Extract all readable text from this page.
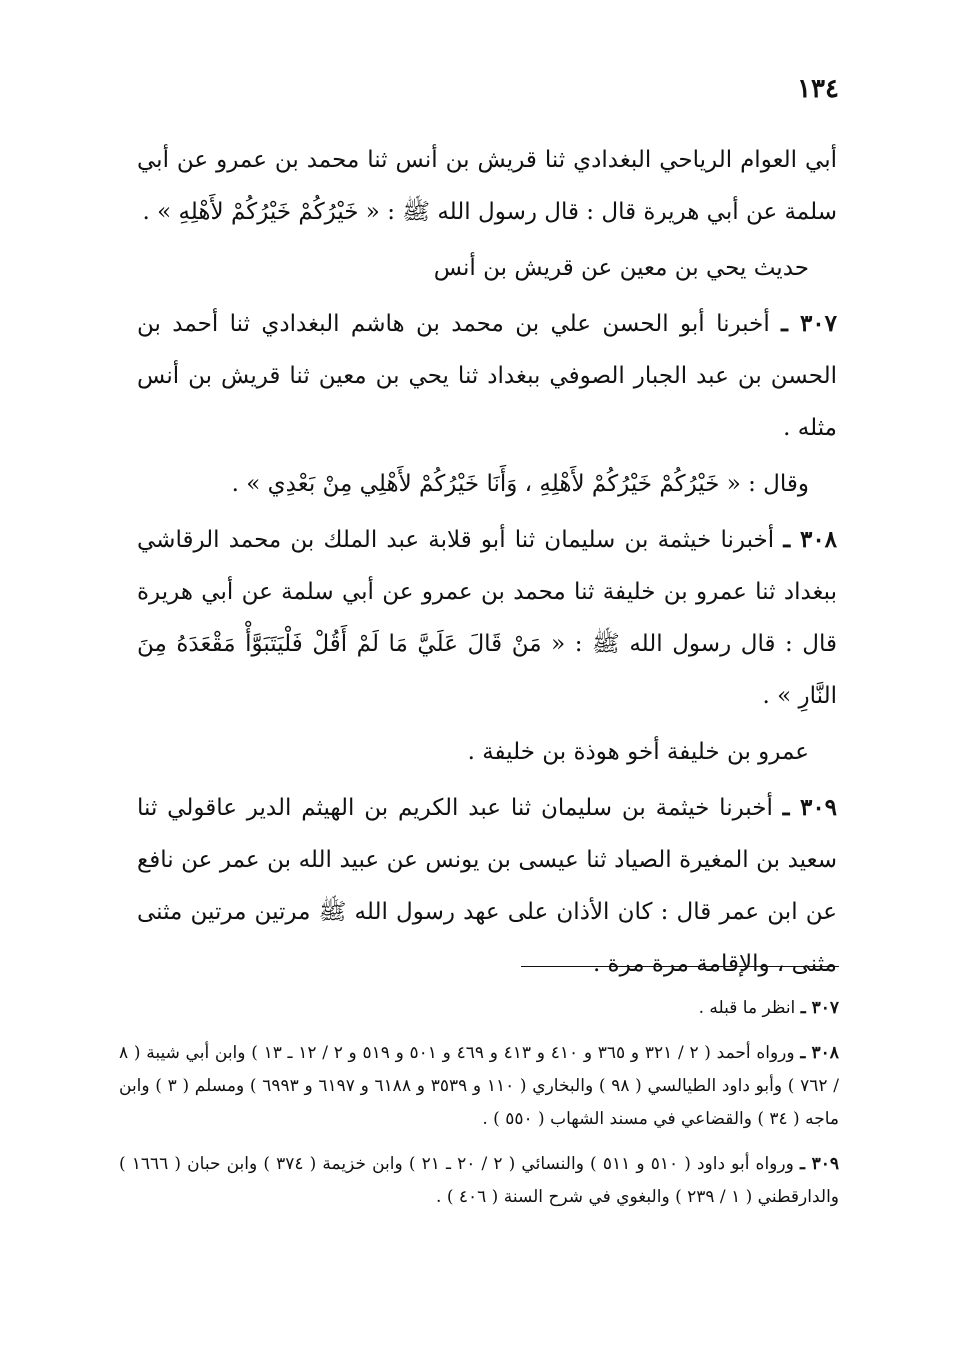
١٣٤

أبي العوام الرياحي البغدادي ثنا قريش بن أنس ثنا محمد بن عمرو عن أبي سلمة عن أبي هريرة قال : قال رسول الله ﷺ : « خَيْرُكُمْ خَيْرُكُمْ لأَهْلِهِ » .

حديث يحي بن معين عن قريش بن أنس

٣٠٧ ـ أخبرنا أبو الحسن علي بن محمد بن هاشم البغدادي ثنا أحمد بن الحسن بن عبد الجبار الصوفي ببغداد ثنا يحي بن معين ثنا قريش بن أنس مثله .

وقال : « خَيْرُكُمْ خَيْرُكُمْ لأَهْلِهِ ، وَأَنَا خَيْرُكُمْ لأَهْلِي مِنْ بَعْدِي » .

٣٠٨ ـ أخبرنا خيثمة بن سليمان ثنا أبو قلابة عبد الملك بن محمد الرقاشي ببغداد ثنا عمرو بن خليفة ثنا محمد بن عمرو عن أبي سلمة عن أبي هريرة قال : قال رسول الله ﷺ : « مَنْ قَالَ عَلَيَّ مَا لَمْ أَقُلْ فَلْيَتَبَوَّأْ مَقْعَدَهُ مِنَ النَّارِ » .

عمرو بن خليفة أخو هوذة بن خليفة .

٣٠٩ ـ أخبرنا خيثمة بن سليمان ثنا عبد الكريم بن الهيثم الدير عاقولي ثنا سعيد بن المغيرة الصياد ثنا عيسى بن يونس عن عبيد الله بن عمر عن نافع عن ابن عمر قال : كان الأذان على عهد رسول الله ﷺ مرتين مرتين مثنى مثنى ، والإقامة مرة مرة .

٣٠٧ ـ انظر ما قبله .

٣٠٨ ـ ورواه أحمد ( ٢ / ٣٢١ و ٣٦٥ و ٤١٠ و ٤١٣ و ٤٦٩ و ٥٠١ و ٥١٩ و ٢ / ١٢ ـ ١٣ ) وابن أبي شيبة ( ٨ / ٧٦٢ ) وأبو داود الطيالسي ( ٩٨ ) والبخاري ( ١١٠ و ٣٥٣٩ و ٦١٨٨ و ٦١٩٧ و ٦٩٩٣ ) ومسلم ( ٣ ) وابن ماجه ( ٣٤ ) والقضاعي في مسند الشهاب ( ٥٥٠ ) .

٣٠٩ ـ ورواه أبو داود ( ٥١٠ و ٥١١ ) والنسائي ( ٢ / ٢٠ ـ ٢١ ) وابن خزيمة ( ٣٧٤ ) وابن حبان ( ١٦٦٦ ) والدارقطني ( ١ / ٢٣٩ ) والبغوي في شرح السنة ( ٤٠٦ ) .
